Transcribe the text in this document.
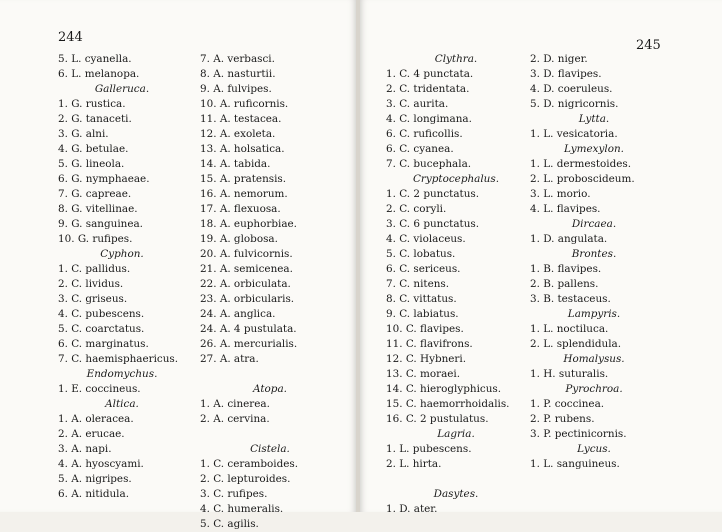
244
5. L. cyanella.
6. L. melanopa.
Galleruca.
1. G. rustica.
2. G. tanaceti.
3. G. alni.
4. G. betulae.
5. G. lineola.
6. G. nymphaeae.
7. G. capreae.
8. G. vitellinae.
9. G. sanguinea.
10. G. rufipes.
Cyphon.
1. C. pallidus.
2. C. lividus.
3. C. griseus.
4. C. pubescens.
5. C. coarctatus.
6. C. marginatus.
7. C. haemisphaericus.
Endomychus.
1. E. coccineus.
Altica.
1. A. oleracea.
2. A. erucae.
3. A. napi.
4. A. hyoscyami.
5. A. nigripes.
6. A. nitidula.
7. A. verbasci.
8. A. nasturtii.
9. A. fulvipes.
10. A. ruficornis.
11. A. testacea.
12. A. exoleta.
13. A. holsatica.
14. A. tabida.
15. A. pratensis.
16. A. nemorum.
17. A. flexuosa.
18. A. euphorbiae.
19. A. globosa.
20. A. fulvicornis.
21. A. semicenea.
22. A. orbiculata.
23. A. orbicularis.
24. A. anglica.
24. A. 4 pustulata.
26. A. mercurialis.
27. A. atra.
Atopa.
1. A. cinerea.
2. A. cervina.
Cistela.
1. C. ceramboides.
2. C. lepturoides.
3. C. rufipes.
4. C. humeralis.
5. C. agilis.
245
Clythra.
1. C. 4 punctata.
2. C. tridentata.
3. C. aurita.
4. C. longimana.
6. C. ruficollis.
6. C. cyanea.
7. C. bucephala.
Cryptocephalus.
1. C. 2 punctatus.
2. C. coryli.
3. C. 6 punctatus.
4. C. violaceus.
5. C. lobatus.
6. C. sericeus.
7. C. nitens.
8. C. vittatus.
9. C. labiatus.
10. C. flavipes.
11. C. flavifrons.
12. C. Hybneri.
13. C. moraei.
14. C. hieroglyphicus.
15. C. haemorrhoidalis.
16. C. 2 pustulatus.
Lagria.
1. L. pubescens.
2. L. hirta.
Dasytes.
1. D. ater.
2. D. niger.
3. D. flavipes.
4. D. coeruleus.
5. D. nigricornis.
Lytta.
1. L. vesicatoria.
Lymexylon.
1. L. dermestoides.
2. L. proboscideum.
3. L. morio.
4. L. flavipes.
Dircaea.
1. D. angulata.
Brontes.
1. B. flavipes.
2. B. pallens.
3. B. testaceus.
Lampyris.
1. L. noctiluca.
2. L. splendidula.
Homalysus.
1. H. suturalis.
Pyrochroa.
1. P. coccinea.
2. P. rubens.
3. P. pectinicornis.
Lycus.
1. L. sanguineus.
